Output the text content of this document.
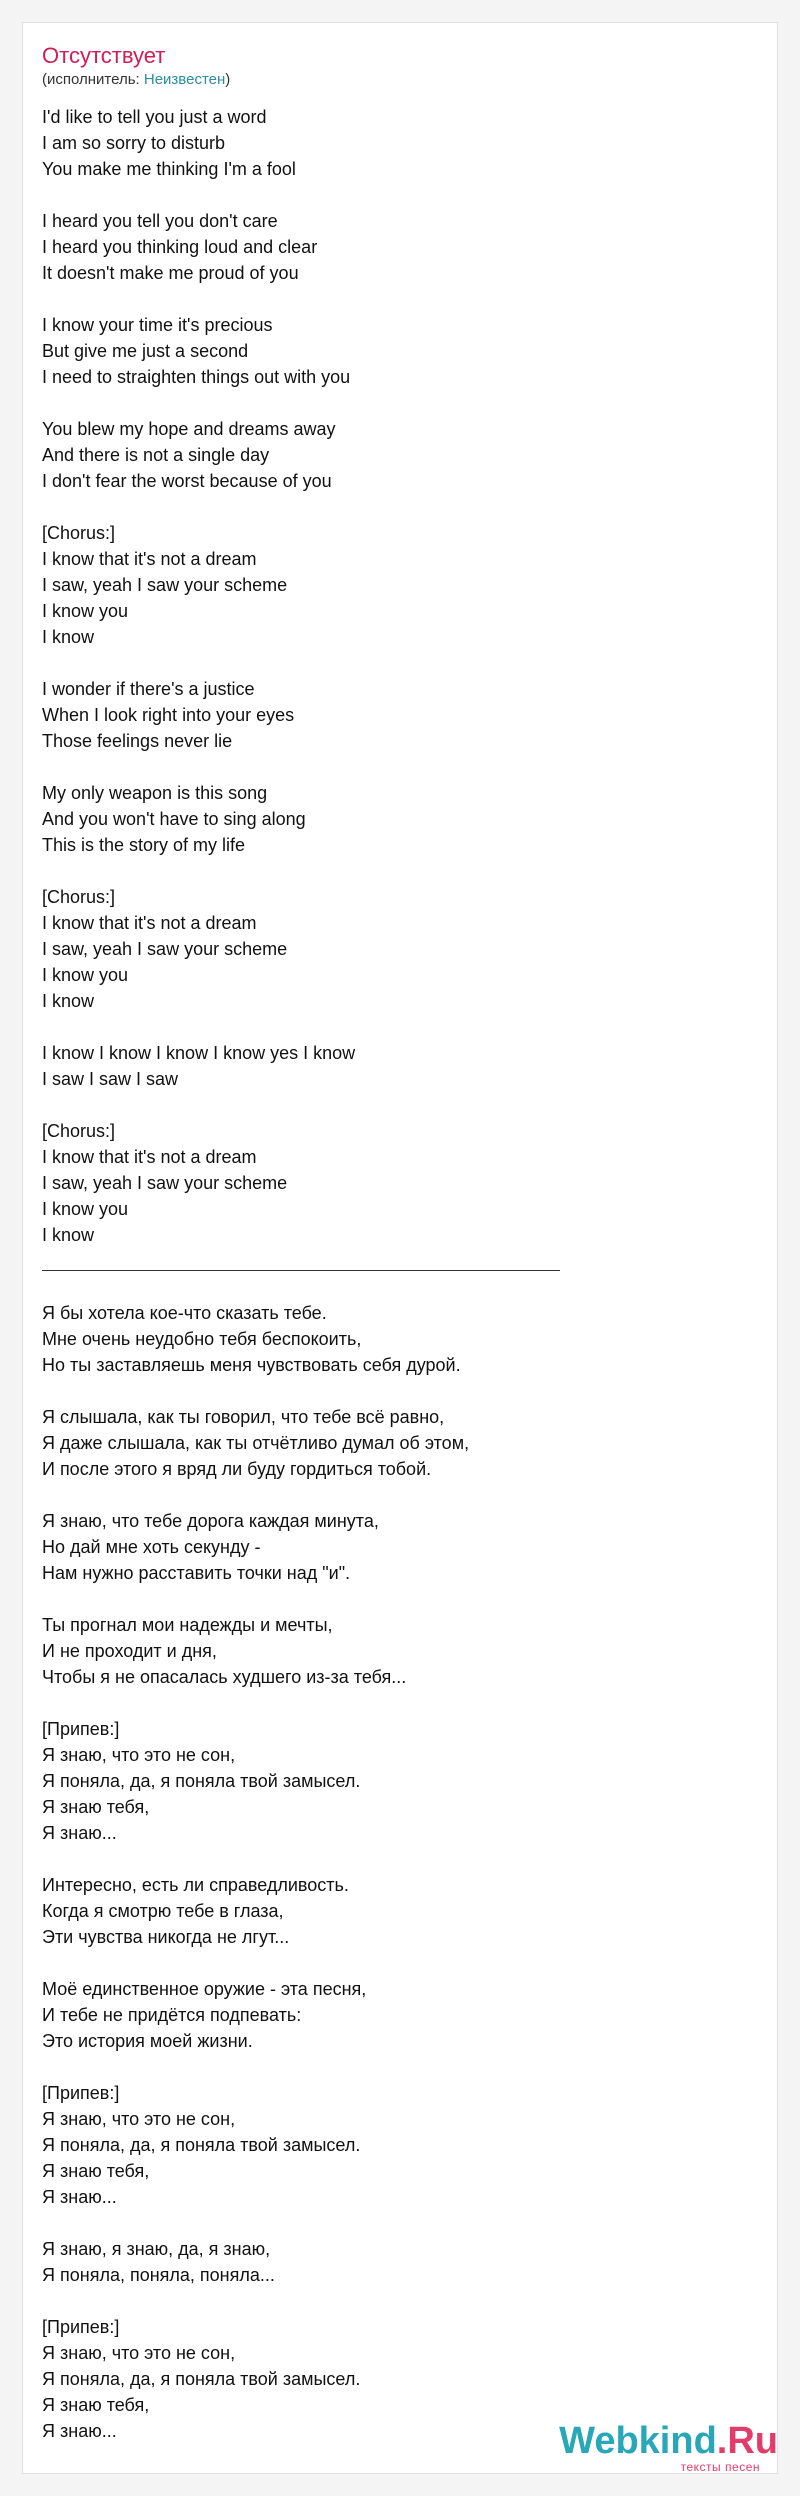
Отсутствует
(исполнитель: Неизвестен)
I'd like to tell you just a word
I am so sorry to disturb
You make me thinking I'm a fool

I heard you tell you don't care
I heard you thinking loud and clear
It doesn't make me proud of you

I know your time it's precious
But give me just a second
I need to straighten things out with you

You blew my hope and dreams away
And there is not a single day
I don't fear the worst because of you

[Chorus:]
I know that it's not a dream
I saw, yeah I saw your scheme
I know you
I know

I wonder if there's a justice
When I look right into your eyes
Those feelings never lie

My only weapon is this song
And you won't have to sing along
This is the story of my life

[Chorus:]
I know that it's not a dream
I saw, yeah I saw your scheme
I know you
I know

I know I know I know I know yes I know
I saw I saw I saw

[Chorus:]
I know that it's not a dream
I saw, yeah I saw your scheme
I know you
I know
Я бы хотела кое-что сказать тебе.
Мне очень неудобно тебя беспокоить,
Но ты заставляешь меня чувствовать себя дурой.

Я слышала, как ты говорил, что тебе всё равно,
Я даже слышала, как ты отчётливо думал об этом,
И после этого я вряд ли буду гордиться тобой.

Я знаю, что тебе дорога каждая минута,
Но дай мне хоть секунду -
Нам нужно расставить точки над "и".

Ты прогнал мои надежды и мечты,
И не проходит и дня,
Чтобы я не опасалась худшего из-за тебя...

[Припев:]
Я знаю, что это не сон,
Я поняла, да, я поняла твой замысел.
Я знаю тебя,
Я знаю...

Интересно, есть ли справедливость.
Когда я смотрю тебе в глаза,
Эти чувства никогда не лгут...

Моё единственное оружие - эта песня,
И тебе не придётся подпевать:
Это история моей жизни.

[Припев:]
Я знаю, что это не сон,
Я поняла, да, я поняла твой замысел.
Я знаю тебя,
Я знаю...

Я знаю, я знаю, да, я знаю,
Я поняла, поняла, поняла...

[Припев:]
Я знаю, что это не сон,
Я поняла, да, я поняла твой замысел.
Я знаю тебя,
Я знаю...	Webkind.Ru
тексты песен
